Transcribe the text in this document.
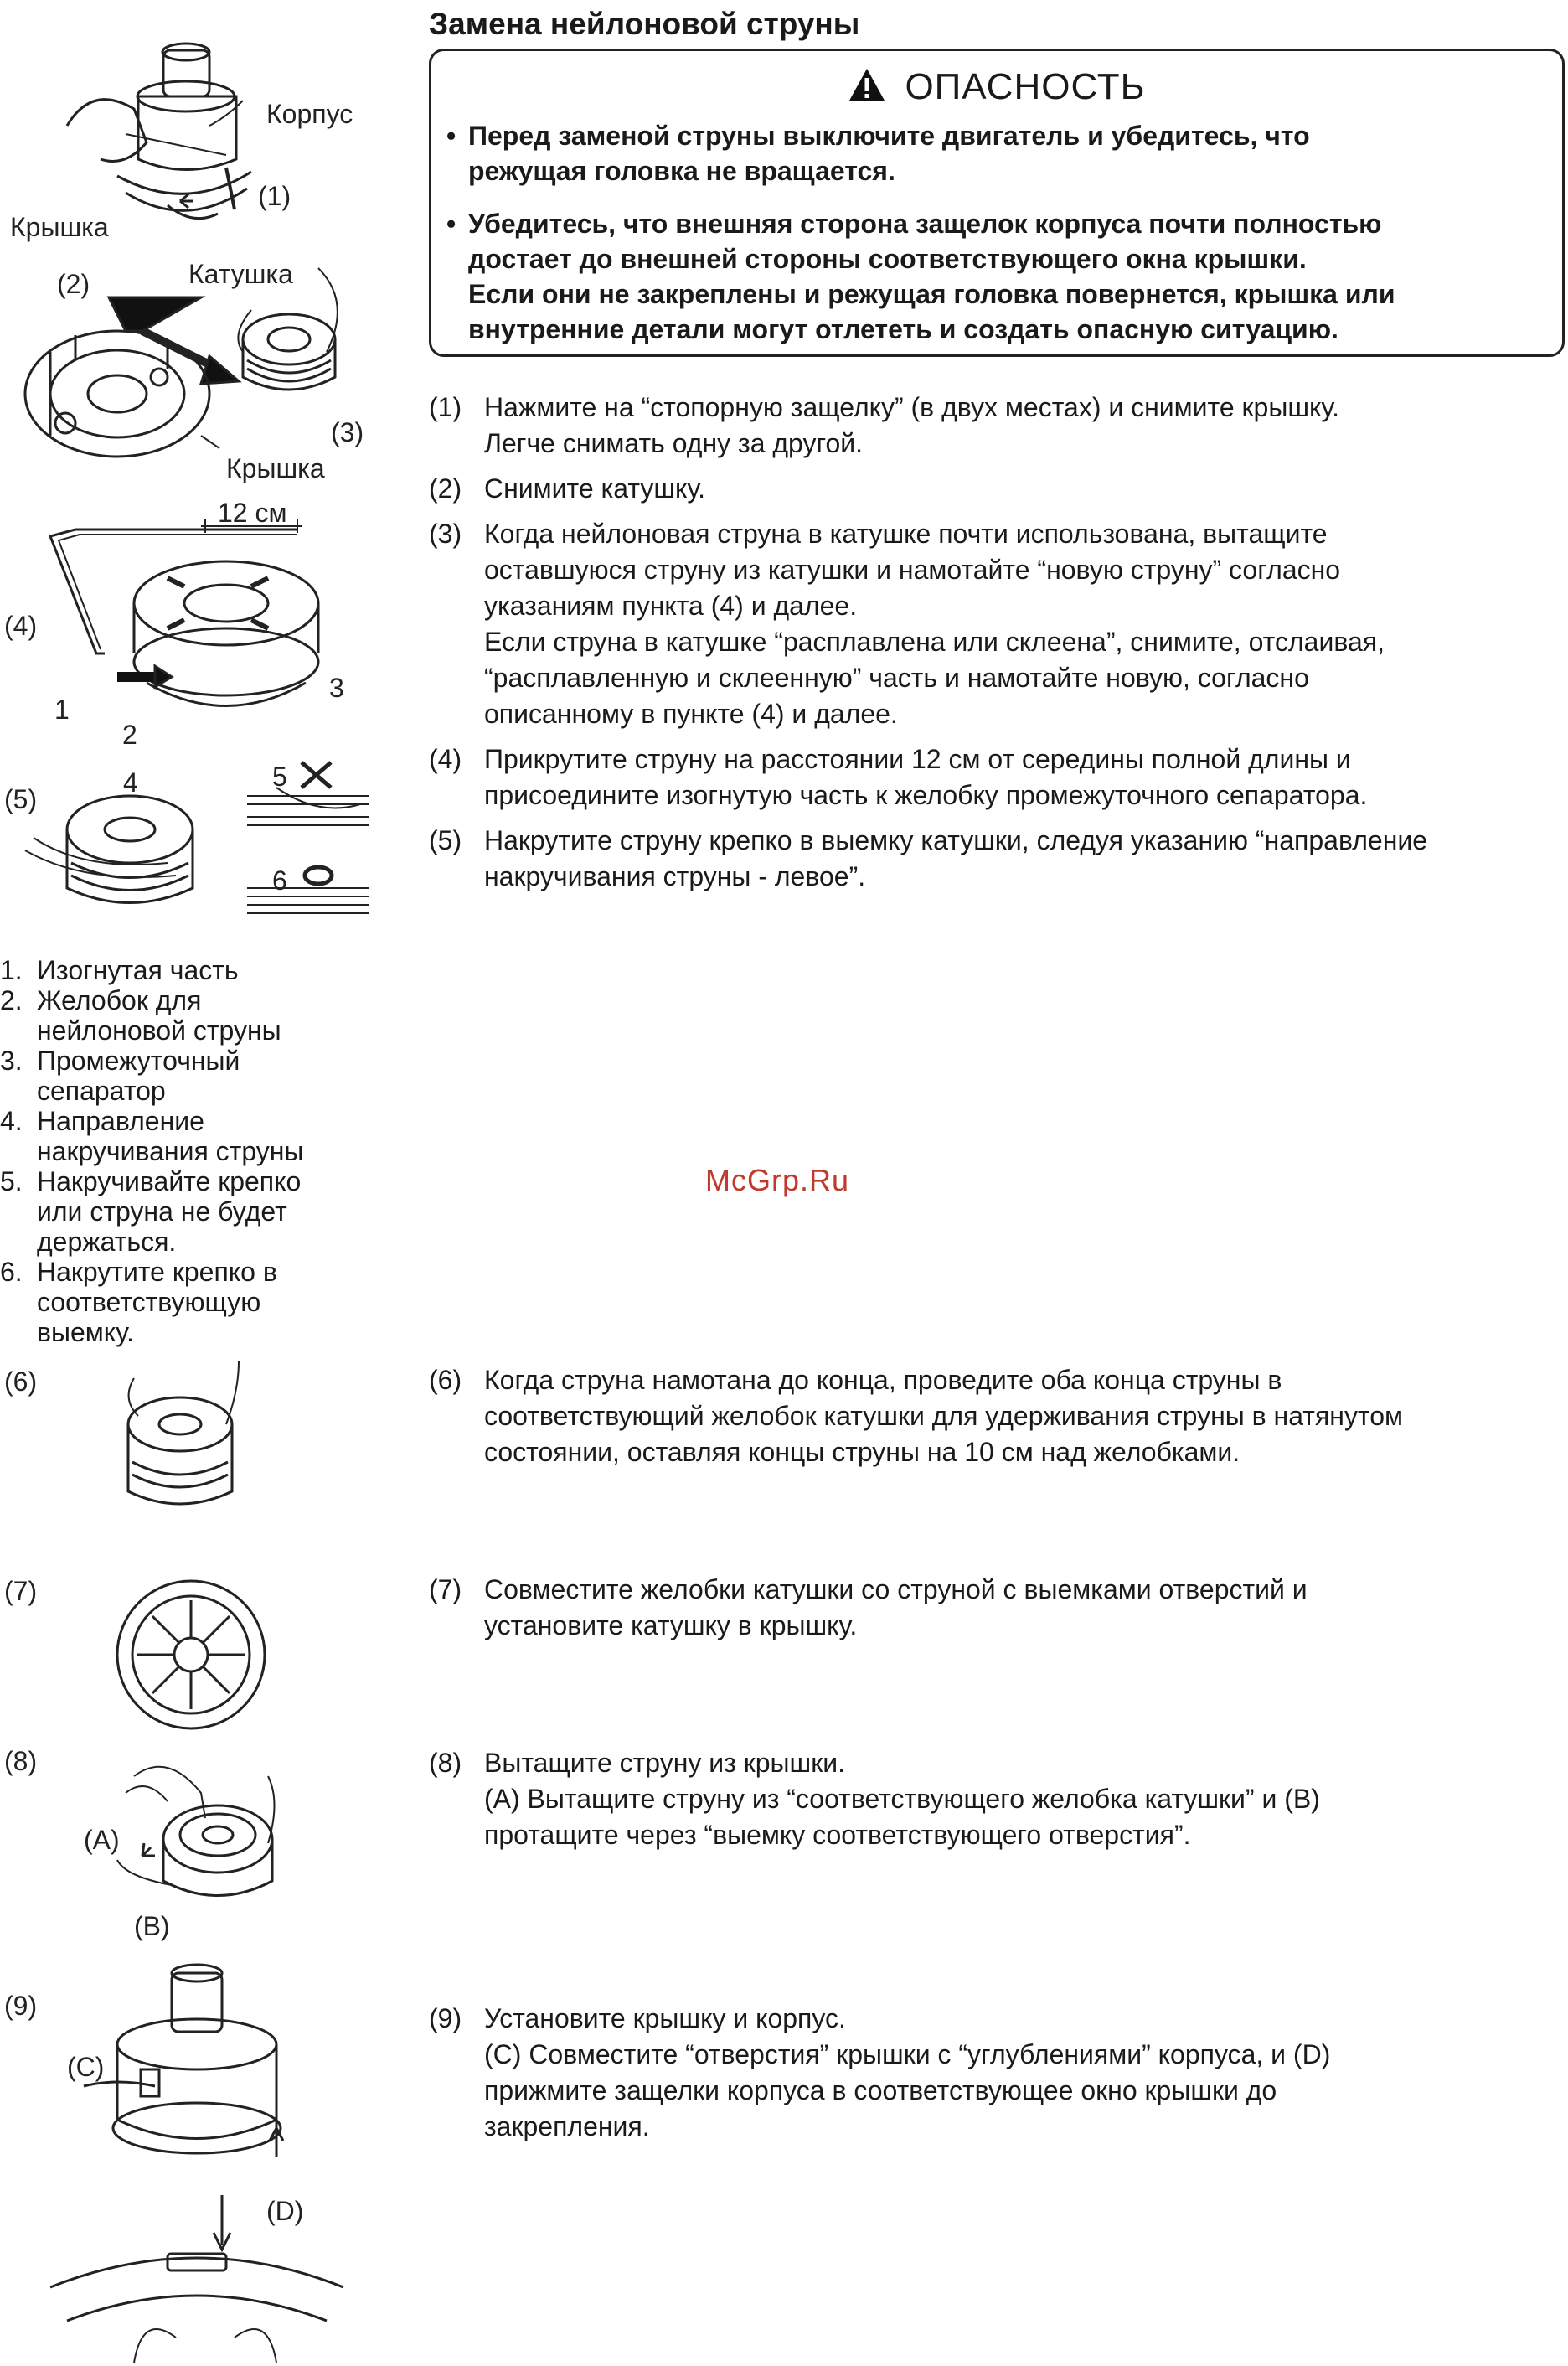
Замена нейлоновой струны
ОПАСНОСТЬ
• Перед заменой струны выключите двигатель и убедитесь, что
режущая головка не вращается.
• Убедитесь, что внешняя сторона защелок корпуса почти полностью
достает до внешней стороны соответствующего окна крышки.
Если они не закреплены и режущая головка повернется, крышка или
внутренние детали могут отлететь и создать опасную ситуацию.
(1) Нажмите на “стопорную защелку” (в двух местах) и снимите крышку.
Легче снимать одну за другой.
(2) Снимите катушку.
(3) Когда нейлоновая струна в катушке почти использована, вытащите
оставшуюся струну из катушки и намотайте “новую струну” согласно
указаниям пункта (4) и далее.
Если струна в катушке “расплавлена или склеена”, снимите, отслаивая,
“расплавленную и склеенную” часть и намотайте новую, согласно
описанному в пункте (4) и далее.
(4) Прикрутите струну на расстоянии 12 см от середины полной длины и
присоедините изогнутую часть к желобку промежуточного сепаратора.
(5) Накрутите струну крепко в выемку катушки, следуя указанию “направление
накручивания струны - левое”.
(6) Когда струна намотана до конца, проведите оба конца струны в
соответствующий желобок катушки для удерживания струны в натянутом
состоянии, оставляя концы струны на 10 см над желобками.
(7) Совместите желобки катушки со струной с выемками отверстий и
установите катушку в крышку.
(8) Вытащите струну из крышки.
(A) Вытащите струну из “соответствующего желобка катушки” и (B)
протащите через “выемку соответствующего отверстия”.
(9) Установите крышку и корпус.
(C) Совместите “отверстия” крышки с “углублениями” корпуса, и (D)
прижмите защелки корпуса в соответствующее окно крышки до
закрепления.
1. Изогнутая часть
2. Желобок для
нейлоновой струны
3. Промежуточный
сепаратор
4. Направление
накручивания струны
5. Накручивайте крепко
или струна не будет
держаться.
6. Накрутите крепко в
соответствующую
выемку.
McGrp.Ru
Корпус
(1)
Крышка
(2)	Катушка
(3)
Крышка
12 см
(4)
1
2
3
(5)
4	5
6
(6)
(7)
(8)
(A)
(B)
(9)
(C)
(D)
